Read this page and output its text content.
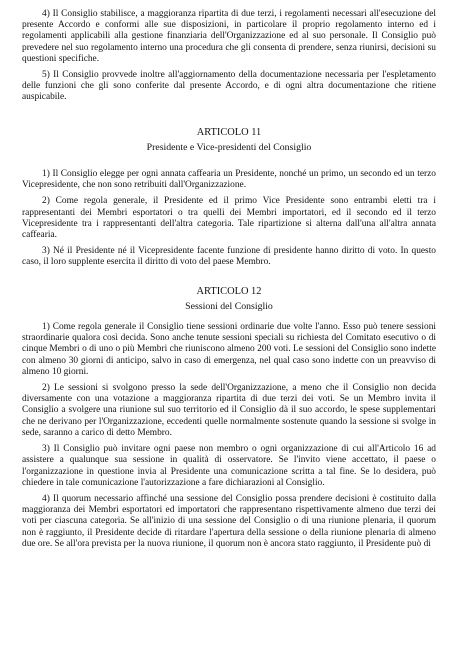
4) Il Consiglio stabilisce, a maggioranza ripartita di due terzi, i regolamenti necessari all'esecuzione del presente Accordo e conformi alle sue disposizioni, in particolare il proprio regolamento interno ed i regolamenti applicabili alla gestione finanziaria dell'Organizzazione ed al suo personale. Il Consiglio può prevedere nel suo regolamento interno una procedura che gli consenta di prendere, senza riunirsi, decisioni su questioni specifiche.

5) Il Consiglio provvede inoltre all'aggiornamento della documentazione necessaria per l'espletamento delle funzioni che gli sono conferite dal presente Accordo, e di ogni altra documentazione che ritiene auspicabile.

ARTICOLO 11
Presidente e Vice-presidenti del Consiglio

1) Il Consiglio elegge per ogni annata caffearia un Presidente, nonché un primo, un secondo ed un terzo Vicepresidente, che non sono retribuiti dall'Organizzazione.

2) Come regola generale, il Presidente ed il primo Vice Presidente sono entrambi eletti tra i rappresentanti dei Membri esportatori o tra quelli dei Membri importatori, ed il secondo ed il terzo Vicepresidente tra i rappresentanti dell'altra categoria. Tale ripartizione si alterna dall'una all'altra annata caffearia.

3) Né il Presidente né il Vicepresidente facente funzione di presidente hanno diritto di voto. In questo caso, il loro supplente esercita il diritto di voto del paese Membro.

ARTICOLO 12
Sessioni del Consiglio

1) Come regola generale il Consiglio tiene sessioni ordinarie due volte l'anno. Esso può tenere sessioni straordinarie qualora così decida. Sono anche tenute sessioni speciali su richiesta del Comitato esecutivo o di cinque Membri o di uno o più Membri che riuniscono almeno 200 voti. Le sessioni del Consiglio sono indette con almeno 30 giorni di anticipo, salvo in caso di emergenza, nel qual caso sono indette con un preavviso di almeno 10 giorni.

2) Le sessioni si svolgono presso la sede dell'Organizzazione, a meno che il Consiglio non decida diversamente con una votazione a maggioranza ripartita di due terzi dei voti. Se un Membro invita il Consiglio a svolgere una riunione sul suo territorio ed il Consiglio dà il suo accordo, le spese supplementari che ne derivano per l'Organizzazione, eccedenti quelle normalmente sostenute quando la sessione si svolge in sede, saranno a carico di detto Membro.

3) Il Consiglio può invitare ogni paese non membro o ogni organizzazione di cui all'Articolo 16 ad assistere a qualunque sua sessione in qualità di osservatore. Se l'invito viene accettato, il paese o l'organizzazione in questione invia al Presidente una comunicazione scritta a tal fine. Se lo desidera, può chiedere in tale comunicazione l'autorizzazione a fare dichiarazioni al Consiglio.

4) Il quorum necessario affinché una sessione del Consiglio possa prendere decisioni è costituito dalla maggioranza dei Membri esportatori ed importatori che rappresentano rispettivamente almeno due terzi dei voti per ciascuna categoria. Se all'inizio di una sessione del Consiglio o di una riunione plenaria, il quorum non è raggiunto, il Presidente decide di ritardare l'apertura della sessione o della riunione plenaria di almeno due ore. Se all'ora prevista per la nuova riunione, il quorum non è ancora stato raggiunto, il Presidente può di
